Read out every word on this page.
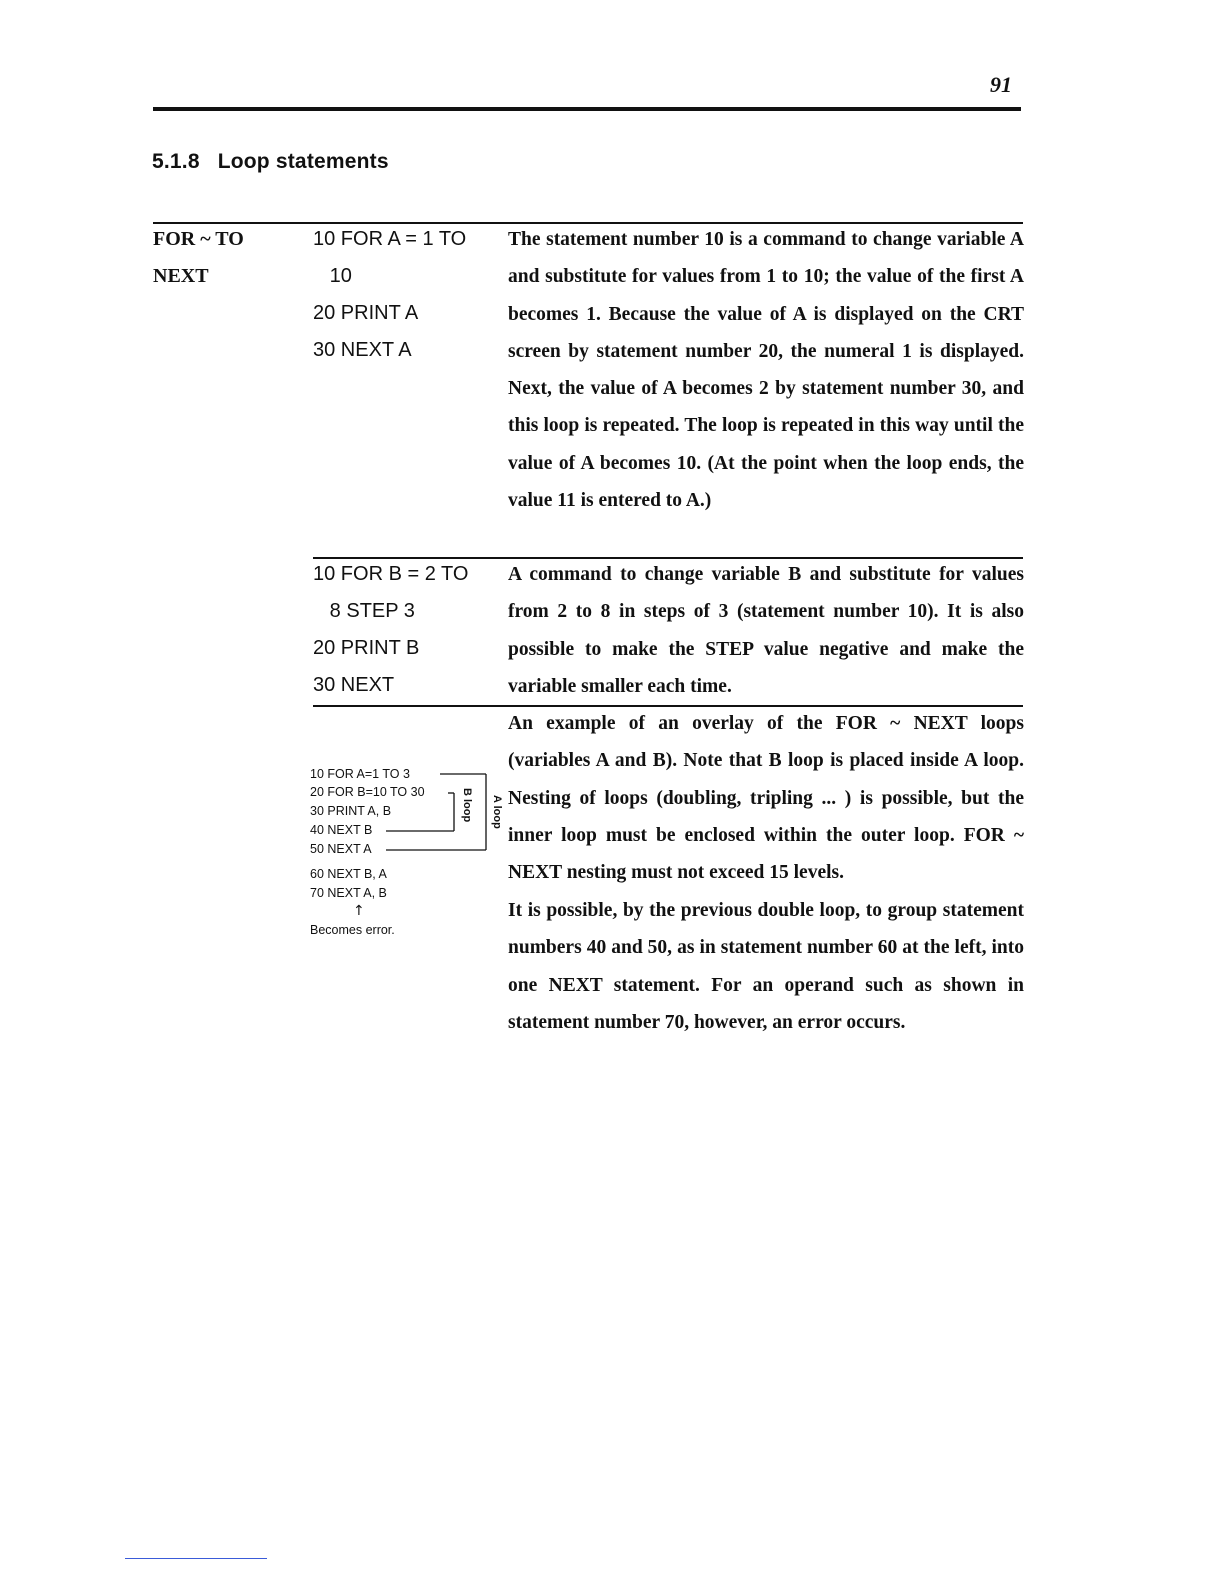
91
5.1.8 Loop statements
FOR ~ TO
NEXT
10 FOR A = 1 TO
10
20 PRINT A
30 NEXT A
The statement number 10 is a command to change variable A and substitute for values from 1 to 10; the value of the first A becomes 1. Because the value of A is displayed on the CRT screen by statement number 20, the numeral 1 is displayed. Next, the value of A becomes 2 by statement number 30, and this loop is repeated. The loop is repeated in this way until the value of A becomes 10. (At the point when the loop ends, the value 11 is entered to A.)
10 FOR B = 2 TO
8 STEP 3
20 PRINT B
30 NEXT
A command to change variable B and substitute for values from 2 to 8 in steps of 3 (statement number 10). It is also possible to make the STEP value negative and make the variable smaller each time.
10 FOR A=1 TO 3
20 FOR B=10 TO 30
30 PRINT A, B
40 NEXT B
50 NEXT A
B loop A loop
60 NEXT B, A
70 NEXT A, B
↑
Becomes error.
An example of an overlay of the FOR ~ NEXT loops (variables A and B). Note that B loop is placed inside A loop. Nesting of loops (doubling, tripling ... ) is possible, but the inner loop must be enclosed within the outer loop. FOR ~ NEXT nesting must not exceed 15 levels.
It is possible, by the previous double loop, to group statement numbers 40 and 50, as in statement number 60 at the left, into one NEXT statement. For an operand such as shown in statement number 70, however, an error occurs.
